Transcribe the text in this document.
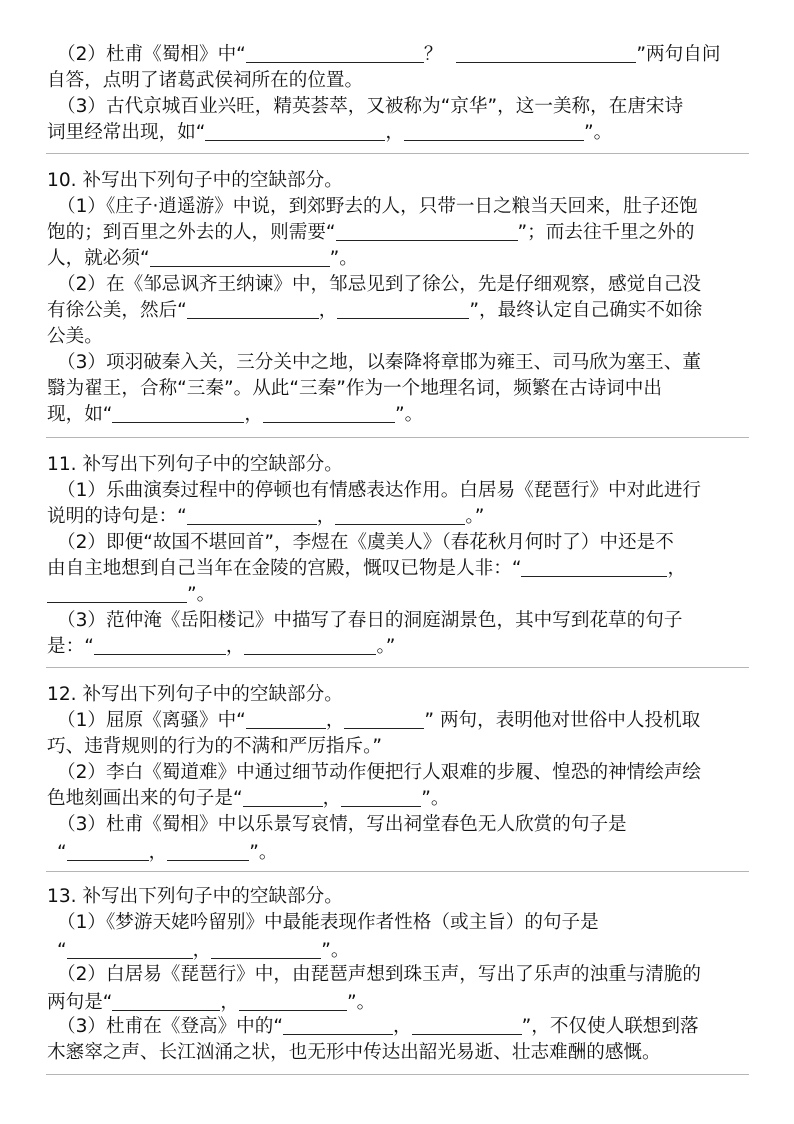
（2）杜甫《蜀相》中“	？	”两句自问
自答，点明了诸葛武侯祠所在的位置。
（3）古代京城百业兴旺，精英荟萃，又被称为“京华”，这一美称，在唐宋诗
词里经常出现，如“	，	”。
10. 补写出下列句子中的空缺部分。
（1）《庄子·逍遥游》中说，到郊野去的人，只带一日之粮当天回来，肚子还饱
饱的；到百里之外去的人，则需要“	”；而去往千里之外的
人，就必须“	”。
（2）在《邹忌讽齐王纳谏》中，邹忌见到了徐公，先是仔细观察，感觉自己没
有徐公美，然后“	，	”，最终认定自己确实不如徐
公美。
（3）项羽破秦入关，三分关中之地，以秦降将章邯为雍王、司马欣为塞王、董
翳为翟王，合称“三秦”。从此“三秦”作为一个地理名词，频繁在古诗词中出
现，如“	，	”。
11. 补写出下列句子中的空缺部分。
（1）乐曲演奏过程中的停顿也有情感表达作用。白居易《琵琶行》中对此进行
说明的诗句是：“	，	。”
（2）即便“故国不堪回首”，李煜在《虞美人》（春花秋月何时了）中还是不
由自主地想到自己当年在金陵的宫殿，慨叹已物是人非：“	，
”。
（3）范仲淹《岳阳楼记》中描写了春日的洞庭湖景色，其中写到花草的句子
是：“	，	。”
12. 补写出下列句子中的空缺部分。
（1）屈原《离骚》中“	，	” 两句，表明他对世俗中人投机取
巧、违背规则的行为的不满和严厉指斥。”
（2）李白《蜀道难》中通过细节动作便把行人艰难的步履、惶恐的神情绘声绘
色地刻画出来的句子是“	，	”。
（3）杜甫《蜀相》中以乐景写哀情，写出祠堂春色无人欣赏的句子是
“	，	”。
13. 补写出下列句子中的空缺部分。
（1）《梦游天姥吟留别》中最能表现作者性格（或主旨）的句子是
“	，	”。
（2）白居易《琵琶行》中，由琵琶声想到珠玉声，写出了乐声的浊重与清脆的
两句是“	，	”。
（3）杜甫在《登高》中的“	，	”，不仅使人联想到落
木窸窣之声、长江汹涌之状，也无形中传达出韶光易逝、壮志难酬的感慨。
